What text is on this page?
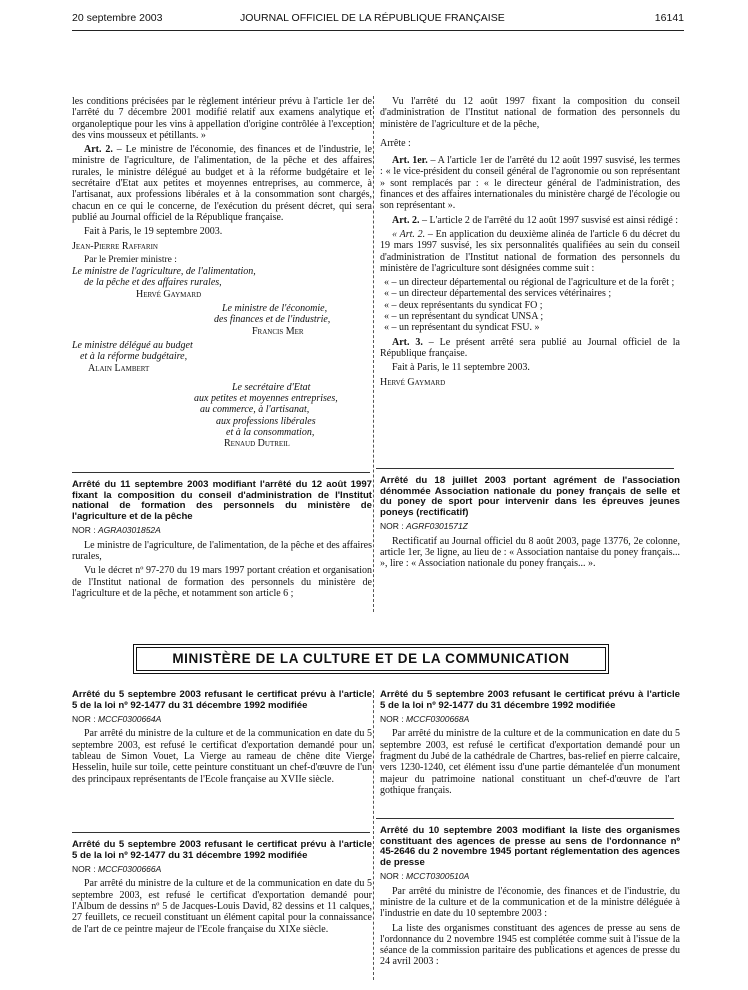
20 septembre 2003	JOURNAL OFFICIEL DE LA RÉPUBLIQUE FRANÇAISE	16141

les conditions précisées par le règlement intérieur prévu à l'article 1er de l'arrêté du 7 décembre 2001 modifié relatif aux examens analytique et organoleptique pour les vins à appellation d'origine contrôlée à l'exception des vins mousseux et pétillants. »

Art. 2. – Le ministre de l'économie, des finances et de l'industrie, le ministre de l'agriculture, de l'alimentation, de la pêche et des affaires rurales, le ministre délégué au budget et à la réforme budgétaire et le secrétaire d'Etat aux petites et moyennes entreprises, au commerce, à l'artisanat, aux professions libérales et à la consommation sont chargés, chacun en ce qui le concerne, de l'exécution du présent décret, qui sera publié au Journal officiel de la République française.

Fait à Paris, le 19 septembre 2003.

Jean-Pierre Raffarin

Par le Premier ministre :

Le ministre de l'agriculture, de l'alimentation,

de la pêche et des affaires rurales,

Hervé Gaymard

Le ministre de l'économie,

des finances et de l'industrie,

Francis Mer

Le ministre délégué au budget

et à la réforme budgétaire,

Alain Lambert

Le secrétaire d'Etat

aux petites et moyennes entreprises,

au commerce, à l'artisanat,

aux professions libérales

et à la consommation,

Renaud Dutreil

Arrêté du 11 septembre 2003 modifiant l'arrêté du 12 août 1997 fixant la composition du conseil d'administration de l'Institut national de formation des personnels du ministère de l'agriculture et de la pêche

NOR : AGRA0301852A

Le ministre de l'agriculture, de l'alimentation, de la pêche et des affaires rurales,

Vu le décret nº 97-270 du 19 mars 1997 portant création et organisation de l'Institut national de formation des personnels du ministère de l'agriculture et de la pêche, et notamment son article 6 ;

Vu l'arrêté du 12 août 1997 fixant la composition du conseil d'administration de l'Institut national de formation des personnels du ministère de l'agriculture et de la pêche,

Arrête :

Art. 1er. – A l'article 1er de l'arrêté du 12 août 1997 susvisé, les termes : « le vice-président du conseil général de l'agronomie ou son représentant » sont remplacés par : « le directeur général de l'administration, des finances et des affaires internationales du ministère chargé de l'écologie ou son représentant ».

Art. 2. – L'article 2 de l'arrêté du 12 août 1997 susvisé est ainsi rédigé :

« Art. 2. – En application du deuxième alinéa de l'article 6 du décret du 19 mars 1997 susvisé, les six personnalités qualifiées au sein du conseil d'administration de l'Institut national de formation des personnels du ministère de l'agriculture sont désignées comme suit :

« – un directeur départemental ou régional de l'agriculture et de la forêt ;
« – un directeur départemental des services vétérinaires ;
« – deux représentants du syndicat FO ;
« – un représentant du syndicat UNSA ;
« – un représentant du syndicat FSU. »

Art. 3. – Le présent arrêté sera publié au Journal officiel de la République française.

Fait à Paris, le 11 septembre 2003.

Hervé Gaymard

Arrêté du 18 juillet 2003 portant agrément de l'association dénommée Association nationale du poney français de selle et du poney de sport pour intervenir dans les épreuves jeunes poneys (rectificatif)

NOR : AGRF0301571Z

Rectificatif au Journal officiel du 8 août 2003, page 13776, 2e colonne, article 1er, 3e ligne, au lieu de : « Association nantaise du poney français... », lire : « Association nationale du poney français... ».

MINISTÈRE DE LA CULTURE ET DE LA COMMUNICATION

Arrêté du 5 septembre 2003 refusant le certificat prévu à l'article 5 de la loi nº 92-1477 du 31 décembre 1992 modifiée

NOR : MCCF0300664A

Par arrêté du ministre de la culture et de la communication en date du 5 septembre 2003, est refusé le certificat d'exportation demandé pour un tableau de Simon Vouet, La Vierge au rameau de chêne dite Vierge Hesselin, huile sur toile, cette peinture constituant un chef-d'œuvre de l'un des principaux représentants de l'Ecole française au XVIIe siècle.

Arrêté du 5 septembre 2003 refusant le certificat prévu à l'article 5 de la loi nº 92-1477 du 31 décembre 1992 modifiée

NOR : MCCF0300666A

Par arrêté du ministre de la culture et de la communication en date du 5 septembre 2003, est refusé le certificat d'exportation demandé pour l'Album de dessins nº 5 de Jacques-Louis David, 82 dessins et 11 calques, 27 feuillets, ce recueil constituant un élément capital pour la connaissance de l'art de ce peintre majeur de l'Ecole française du XIXe siècle.

Arrêté du 5 septembre 2003 refusant le certificat prévu à l'article 5 de la loi nº 92-1477 du 31 décembre 1992 modifiée

NOR : MCCF0300668A

Par arrêté du ministre de la culture et de la communication en date du 5 septembre 2003, est refusé le certificat d'exportation demandé pour un fragment du Jubé de la cathédrale de Chartres, bas-relief en pierre calcaire, vers 1230-1240, cet élément issu d'une partie démantelée d'un monument majeur du patrimoine national constituant un chef-d'œuvre de l'art gothique français.

Arrêté du 10 septembre 2003 modifiant la liste des organismes constituant des agences de presse au sens de l'ordonnance nº 45-2646 du 2 novembre 1945 portant réglementation des agences de presse

NOR : MCCT0300510A

Par arrêté du ministre de l'économie, des finances et de l'industrie, du ministre de la culture et de la communication et de la ministre déléguée à l'industrie en date du 10 septembre 2003 :

La liste des organismes constituant des agences de presse au sens de l'ordonnance du 2 novembre 1945 est complétée comme suit à l'issue de la séance de la commission paritaire des publications et agences de presse du 24 avril 2003 :
